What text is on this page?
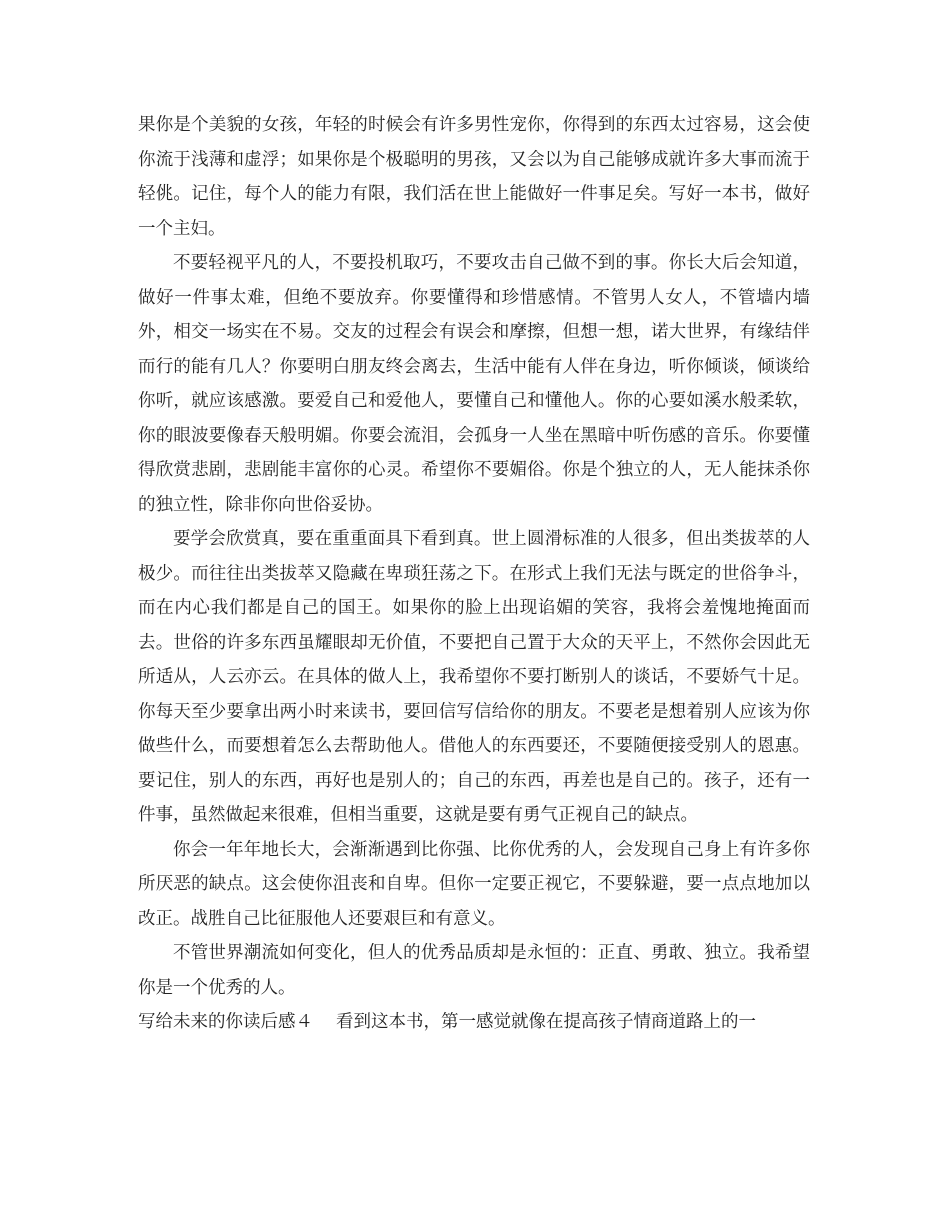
果你是个美貌的女孩，年轻的时候会有许多男性宠你，你得到的东西太过容易，这会使你流于浅薄和虚浮；如果你是个极聪明的男孩，又会以为自己能够成就许多大事而流于轻佻。记住，每个人的能力有限，我们活在世上能做好一件事足矣。写好一本书，做好一个主妇。

不要轻视平凡的人，不要投机取巧，不要攻击自己做不到的事。你长大后会知道，做好一件事太难，但绝不要放弃。你要懂得和珍惜感情。不管男人女人，不管墙内墙外，相交一场实在不易。交友的过程会有误会和摩擦，但想一想，诺大世界，有缘结伴而行的能有几人？你要明白朋友终会离去，生活中能有人伴在身边，听你倾谈，倾谈给你听，就应该感激。要爱自己和爱他人，要懂自己和懂他人。你的心要如溪水般柔软，你的眼波要像春天般明媚。你要会流泪，会孤身一人坐在黑暗中听伤感的音乐。你要懂得欣赏悲剧，悲剧能丰富你的心灵。希望你不要媚俗。你是个独立的人，无人能抹杀你的独立性，除非你向世俗妥协。

要学会欣赏真，要在重重面具下看到真。世上圆滑标准的人很多，但出类拔萃的人极少。而往往出类拔萃又隐藏在卑琐狂荡之下。在形式上我们无法与既定的世俗争斗，而在内心我们都是自己的国王。如果你的脸上出现谄媚的笑容，我将会羞愧地掩面而去。世俗的许多东西虽耀眼却无价值，不要把自己置于大众的天平上，不然你会因此无所适从，人云亦云。在具体的做人上，我希望你不要打断别人的谈话，不要娇气十足。你每天至少要拿出两小时来读书，要回信写信给你的朋友。不要老是想着别人应该为你做些什么，而要想着怎么去帮助他人。借他人的东西要还，不要随便接受别人的恩惠。要记住，别人的东西，再好也是别人的；自己的东西，再差也是自己的。孩子，还有一件事，虽然做起来很难，但相当重要，这就是要有勇气正视自己的缺点。

你会一年年地长大，会渐渐遇到比你强、比你优秀的人，会发现自己身上有许多你所厌恶的缺点。这会使你沮丧和自卑。但你一定要正视它，不要躲避，要一点点地加以改正。战胜自己比征服他人还要艰巨和有意义。

不管世界潮流如何变化，但人的优秀品质却是永恒的：正直、勇敢、独立。我希望你是一个优秀的人。

写给未来的你读后感４ 看到这本书，第一感觉就像在提高孩子情商道路上的一
